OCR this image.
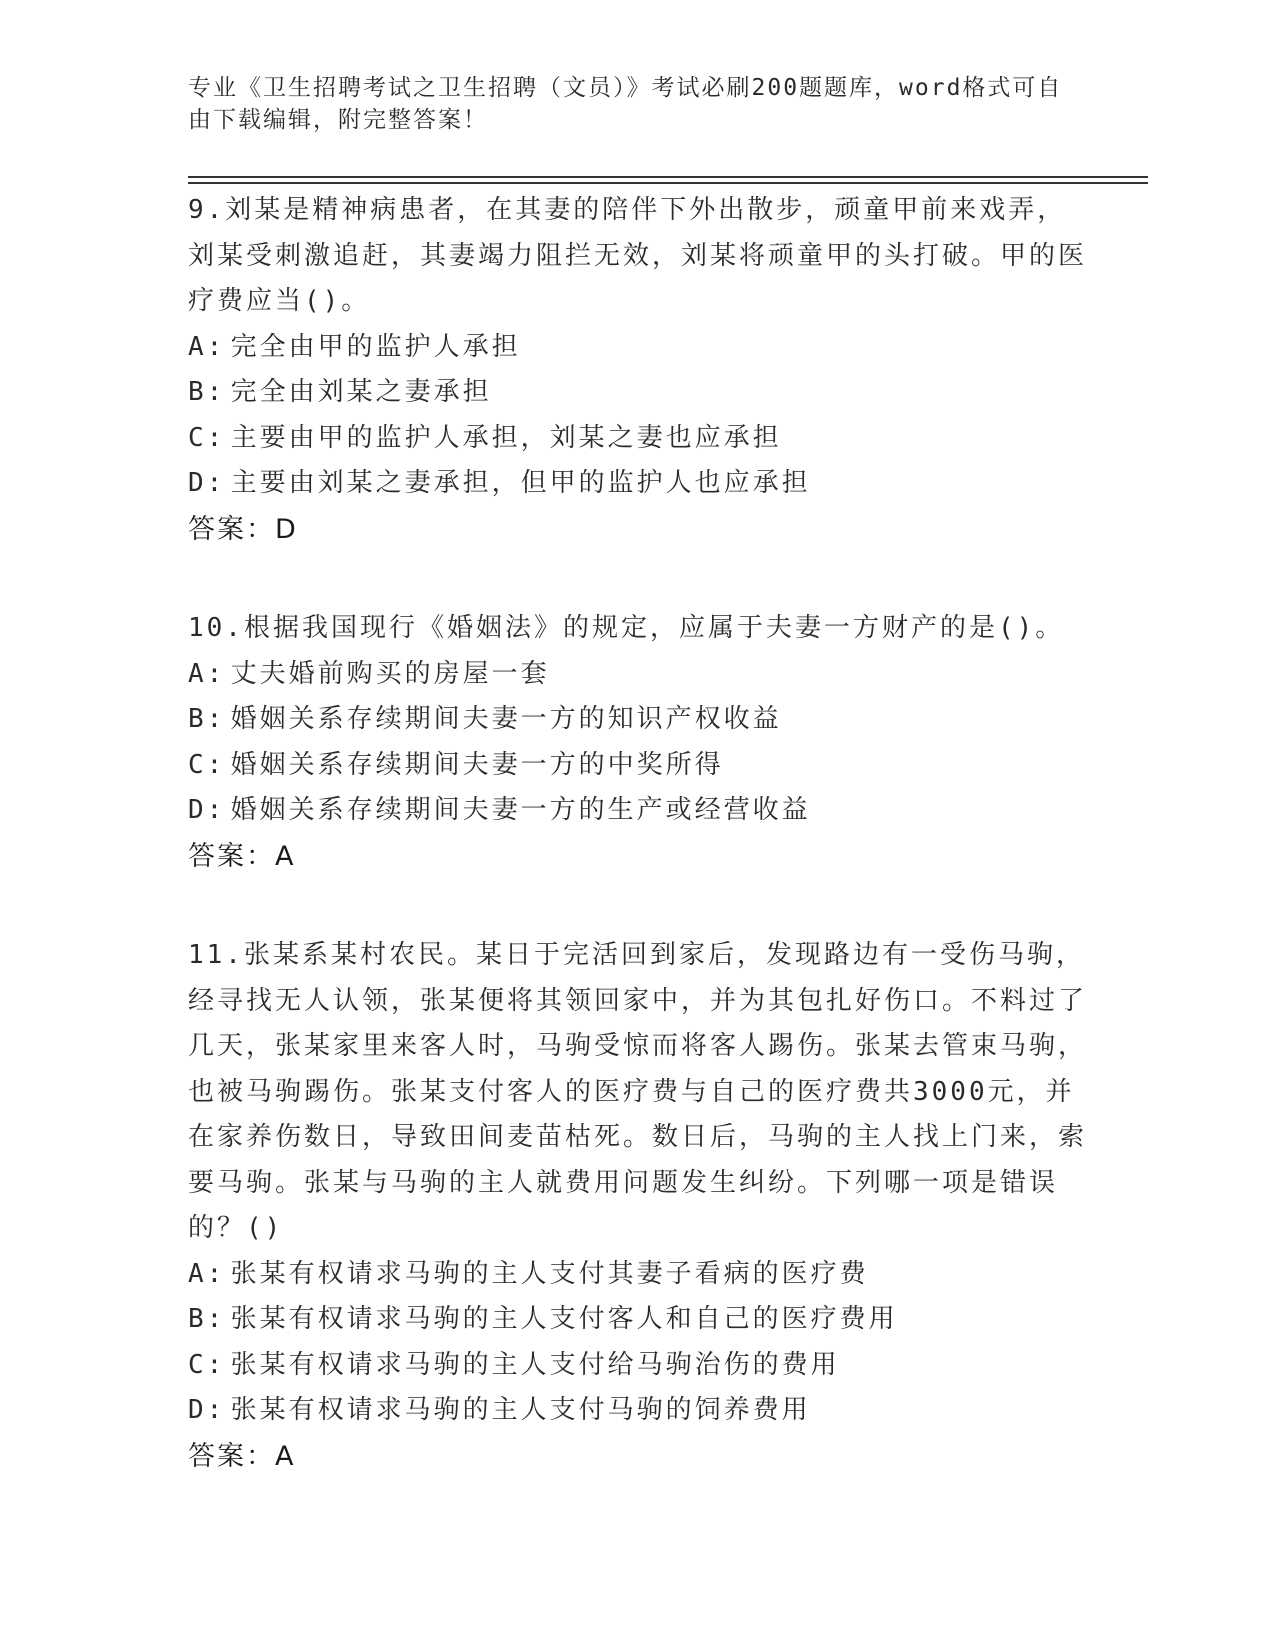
专业《卫生招聘考试之卫生招聘（文员）》考试必刷200题题库，word格式可自由下载编辑，附完整答案！
9.刘某是精神病患者，在其妻的陪伴下外出散步，顽童甲前来戏弄，刘某受刺激追赶，其妻竭力阻拦无效，刘某将顽童甲的头打破。甲的医疗费应当()。
A: 完全由甲的监护人承担
B: 完全由刘某之妻承担
C: 主要由甲的监护人承担，刘某之妻也应承担
D: 主要由刘某之妻承担，但甲的监护人也应承担
答案：D
10.根据我国现行《婚姻法》的规定，应属于夫妻一方财产的是()。
A: 丈夫婚前购买的房屋一套
B: 婚姻关系存续期间夫妻一方的知识产权收益
C: 婚姻关系存续期间夫妻一方的中奖所得
D: 婚姻关系存续期间夫妻一方的生产或经营收益
答案：A
11.张某系某村农民。某日于完活回到家后，发现路边有一受伤马驹，经寻找无人认领，张某便将其领回家中，并为其包扎好伤口。不料过了几天，张某家里来客人时，马驹受惊而将客人踢伤。张某去管束马驹，也被马驹踢伤。张某支付客人的医疗费与自己的医疗费共3000元，并在家养伤数日，导致田间麦苗枯死。数日后，马驹的主人找上门来，索要马驹。张某与马驹的主人就费用问题发生纠纷。下列哪一项是错误的？()
A: 张某有权请求马驹的主人支付其妻子看病的医疗费
B: 张某有权请求马驹的主人支付客人和自己的医疗费用
C: 张某有权请求马驹的主人支付给马驹治伤的费用
D: 张某有权请求马驹的主人支付马驹的饲养费用
答案：A
